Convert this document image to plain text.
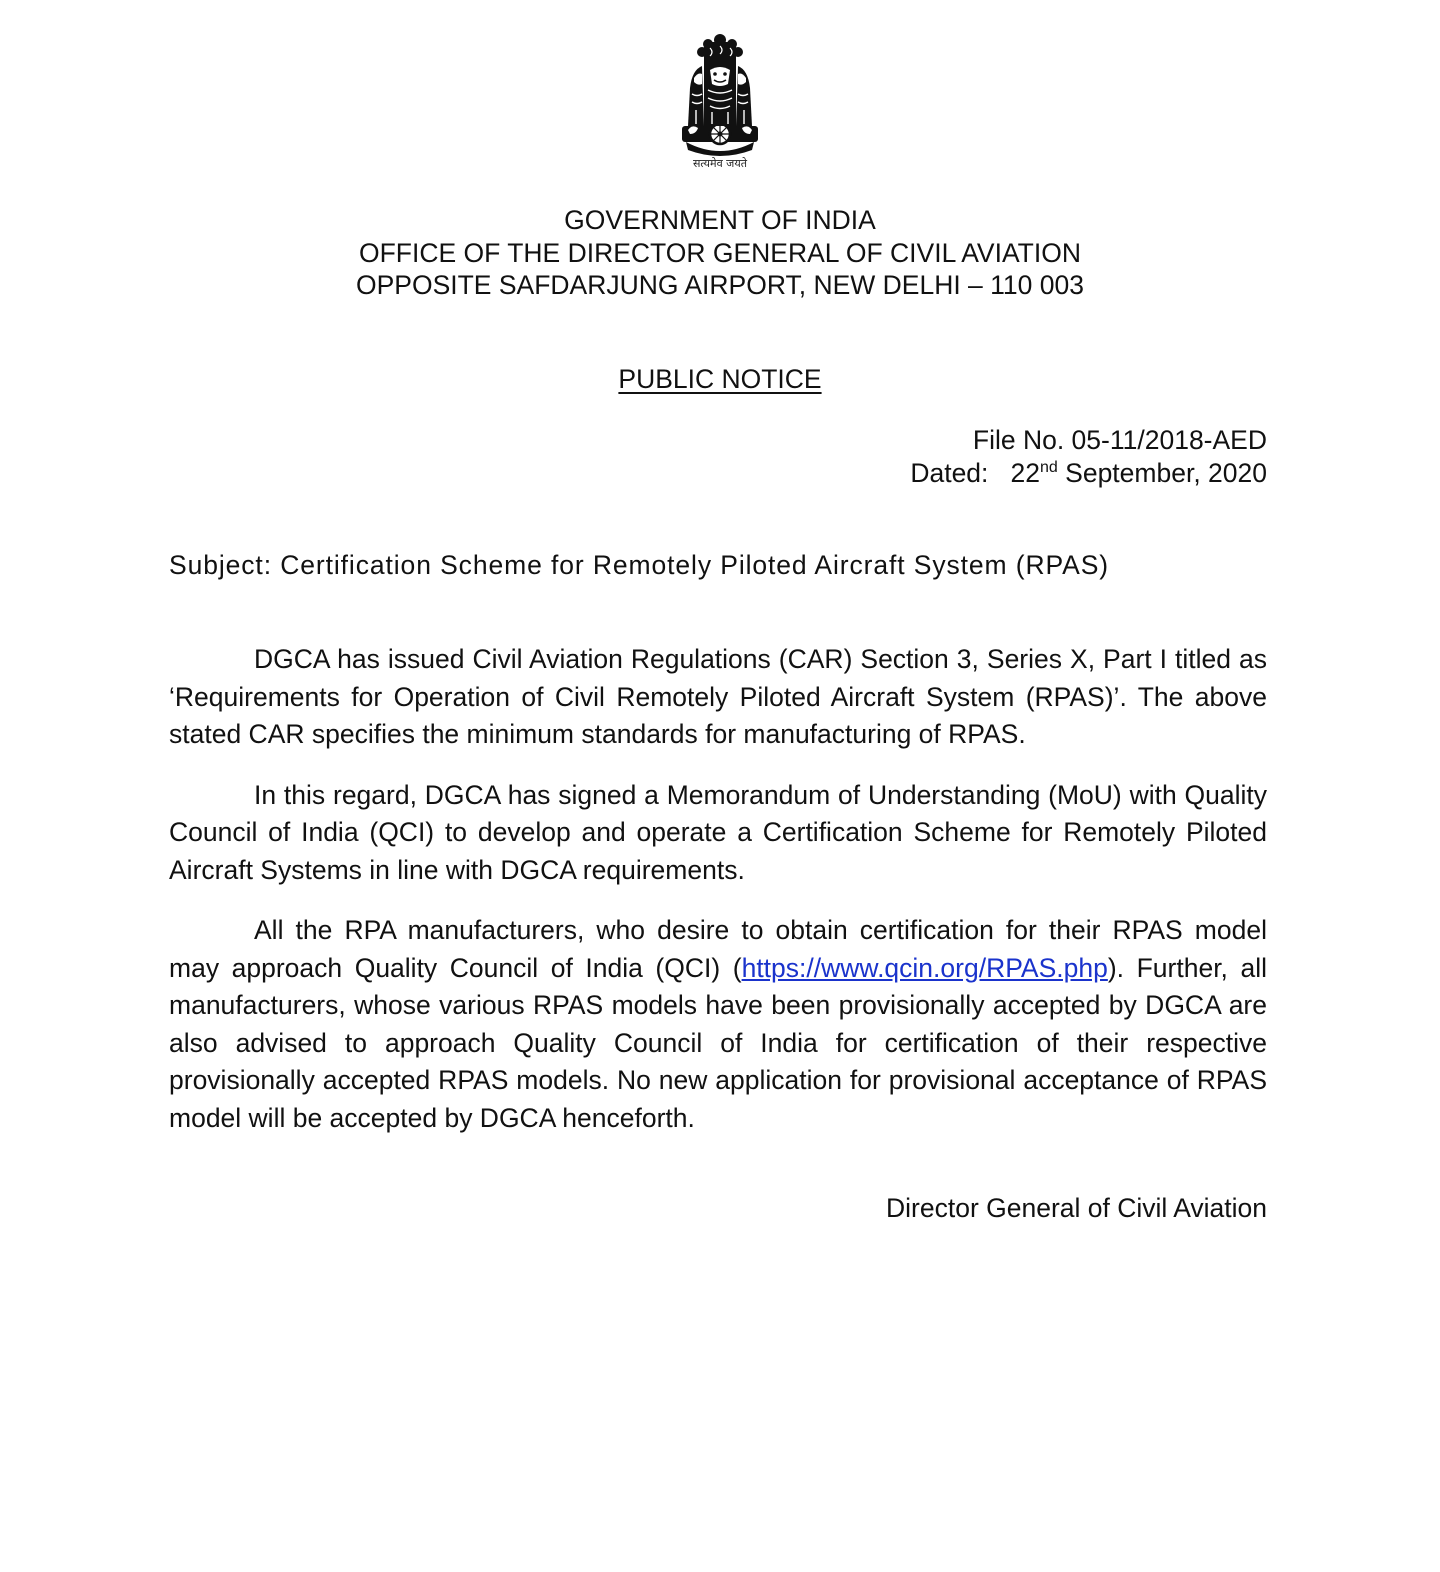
सत्यमेव जयते
GOVERNMENT OF INDIA
OFFICE OF THE DIRECTOR GENERAL OF CIVIL AVIATION
OPPOSITE SAFDARJUNG AIRPORT, NEW DELHI – 110 003
PUBLIC NOTICE
File No. 05-11/2018-AED
Dated: 22nd September, 2020
Subject: Certification Scheme for Remotely Piloted Aircraft System (RPAS)

DGCA has issued Civil Aviation Regulations (CAR) Section 3, Series X, Part I titled as ‘Requirements for Operation of Civil Remotely Piloted Aircraft System (RPAS)’. The above stated CAR specifies the minimum standards for manufacturing of RPAS.

In this regard, DGCA has signed a Memorandum of Understanding (MoU) with Quality Council of India (QCI) to develop and operate a Certification Scheme for Remotely Piloted Aircraft Systems in line with DGCA requirements.

All the RPA manufacturers, who desire to obtain certification for their RPAS model may approach Quality Council of India (QCI) (https://www.qcin.org/RPAS.php). Further, all manufacturers, whose various RPAS models have been provisionally accepted by DGCA are also advised to approach Quality Council of India for certification of their respective provisionally accepted RPAS models. No new application for provisional acceptance of RPAS model will be accepted by DGCA henceforth.

Director General of Civil Aviation
